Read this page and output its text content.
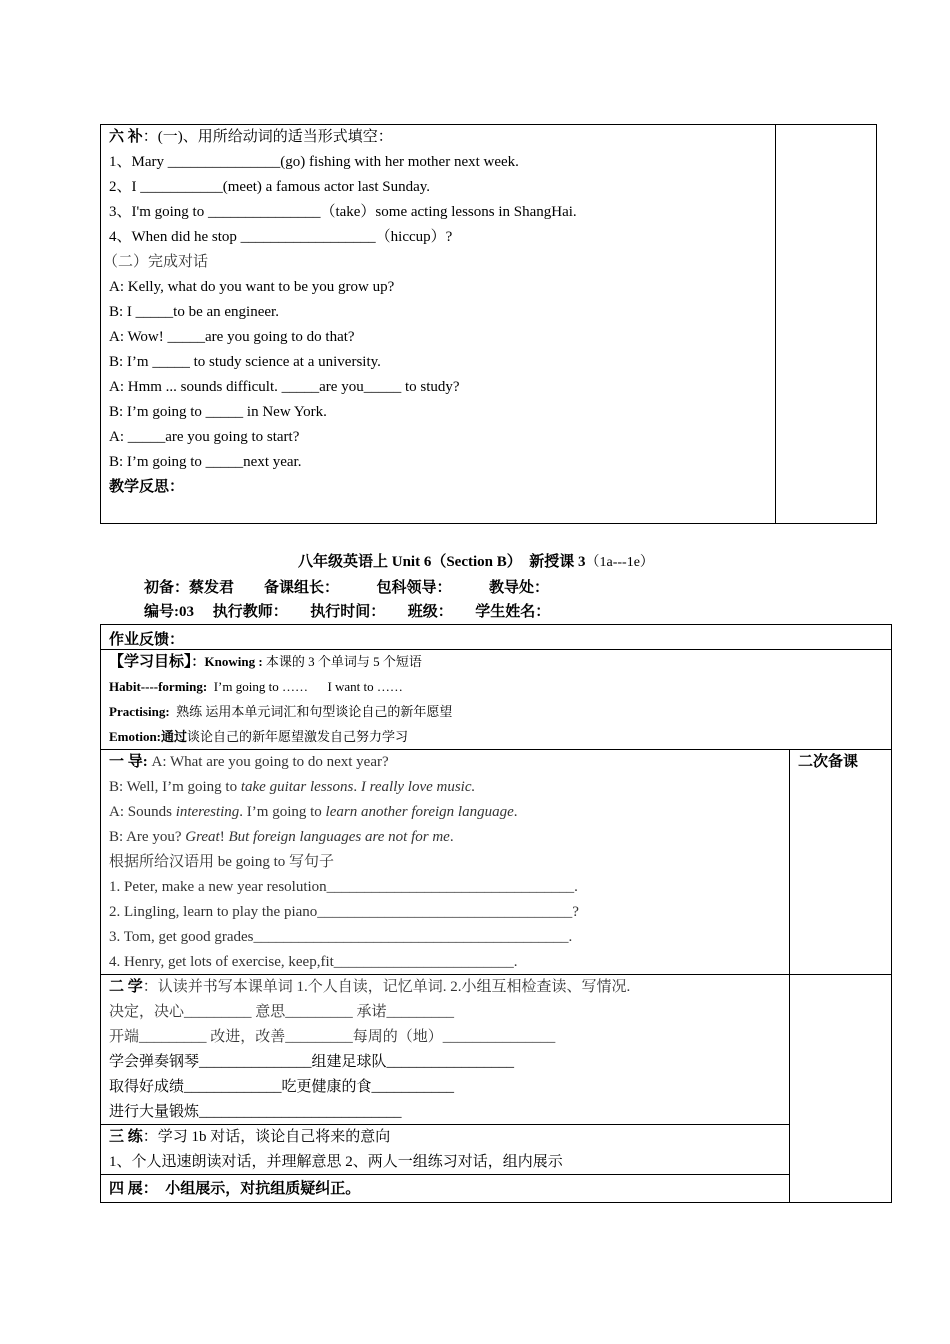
六 补：(一)、用所给动词的适当形式填空：
1、Mary _______________(go) fishing with her mother next week.
2、I ___________(meet) a famous actor last Sunday.
3、I'm going to _______________（take）some acting lessons in ShangHai.
4、When did he stop __________________（hiccup）?
（二）完成对话
A: Kelly, what do you want to be you grow up?
B: I _____to be an engineer.
A: Wow! _____are you going to do that?
B: I’m _____ to study science at a university.
A: Hmm ... sounds difficult. _____are you_____ to study?
B: I’m going to _____ in New York.
A: _____are you going to start?
B: I’m going to _____next year.
教学反思：
八年级英语上 Unit 6（Section B）　新授课 3（1a---1e）
初备：蔡发君　　备课组长：　　　包科领导：　　　教导处：
编号:03　 执行教师：　　执行时间：　　班级：　　学生姓名：
作业反馈：
【学习目标】：Knowing : 本课的 3 个单词与 5 个短语
Habit----forming:  I’m going to ……      I want to ……
Practising:  熟练 运用本单元词汇和句型谈论自己的新年愿望
Emotion:通过谈论自己的新年愿望激发自己努力学习
二次备课
一 导: A: What are you going to do next year?
B: Well, I’m going to take guitar lessons. I really love music.
A: Sounds interesting. I’m going to learn another foreign language.
B: Are you? Great! But foreign languages are not for me.
根据所给汉语用 be going to 写句子
1. Peter, make a new year resolution_________________________________.
2. Lingling, learn to play the piano__________________________________?
3. Tom, get good grades__________________________________________.
4. Henry, get lots of exercise, keep,fit________________________.
二 学：认读并书写本课单词 1.个人自读，记忆单词. 2.小组互相检查读、写情况.
决定，决心_________ 意思_________ 承诺_________
开端_________ 改进，改善_________每周的（地）_______________
学会弹奏钢琴_______________组建足球队_________________
取得好成绩_____________吃更健康的食___________
进行大量锻炼___________________________
三 练：学习 1b 对话，谈论自己将来的意向
1、个人迅速朗读对话，并理解意思 2、两人一组练习对话，组内展示
四 展：　小组展示，对抗组质疑纠正。
